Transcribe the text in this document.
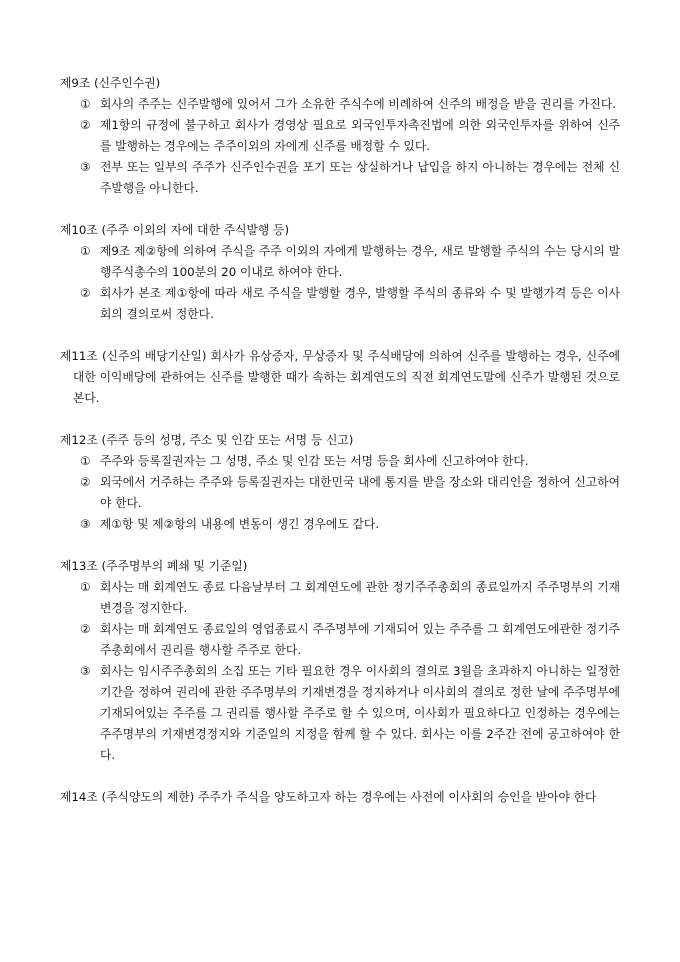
제9조 (신주인수권)
① 회사의 주주는 신주발행에 있어서 그가 소유한 주식수에 비례하여 신주의 배정을 받을 권리를 가진다.
② 제1항의 규정에 불구하고 회사가 경영상 필요로 외국인투자촉진법에 의한 외국인투자를 위하여 신주를 발행하는 경우에는 주주이외의 자에게 신주를 배정할 수 있다.
③ 전부 또는 일부의 주주가 신주인수권을 포기 또는 상실하거나 납입을 하지 아니하는 경우에는 전체 신주발행을 아니한다.
제10조 (주주 이외의 자에 대한 주식발행 등)
① 제9조 제②항에 의하여 주식을 주주 이외의 자에게 발행하는 경우, 새로 발행할 주식의 수는 당시의 발행주식총수의 100분의 20 이내로 하여야 한다.
② 회사가 본조 제①항에 따라 새로 주식을 발행할 경우, 발행할 주식의 종류와 수 및 발행가격 등은 이사회의 결의로써 정한다.
제11조 (신주의 배당기산일) 회사가 유상증자, 무상증자 및 주식배당에 의하여 신주를 발행하는 경우, 신주에 대한 이익배당에 관하여는 신주를 발행한 때가 속하는 회계연도의 직전 회계연도말에 신주가 발행된 것으로 본다.
제12조 (주주 등의 성명, 주소 및 인감 또는 서명 등 신고)
① 주주와 등록질권자는 그 성명, 주소 및 인감 또는 서명 등을 회사에 신고하여야 한다.
② 외국에서 거주하는 주주와 등록질권자는 대한민국 내에 통지를 받을 장소와 대리인을 정하여 신고하여야 한다.
③ 제①항 및 제②항의 내용에 변동이 생긴 경우에도 같다.
제13조 (주주명부의 폐쇄 및 기준일)
① 회사는 매 회계연도 종료 다음날부터 그 회계연도에 관한 정기주주총회의 종료일까지 주주명부의 기재변경을 정지한다.
② 회사는 매 회계연도 종료일의 영업종료시 주주명부에 기재되어 있는 주주를 그 회계연도에관한 정기주주총회에서 권리를 행사할 주주로 한다.
③ 회사는 임시주주총회의 소집 또는 기타 필요한 경우 이사회의 결의로 3월을 초과하지 아니하는 일정한 기간을 정하여 권리에 관한 주주명부의 기재변경을 정지하거나 이사회의 결의로 정한 날에 주주명부에 기재되어있는 주주를 그 권리를 행사할 주주로 할 수 있으며, 이사회가 필요하다고 인정하는 경우에는 주주명부의 기재변경정지와 기준일의 지정을 함께 할 수 있다. 회사는 이를 2주간 전에 공고하여야 한다.
제14조 (주식양도의 제한) 주주가 주식을 양도하고자 하는 경우에는 사전에 이사회의 승인을 받아야 한다
